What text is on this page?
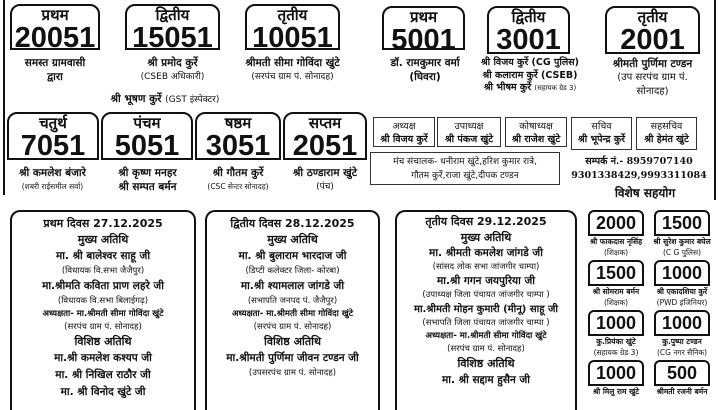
प्रथम
20051
समस्त ग्रामवासी
द्वारा
द्वितीय
15051
श्री प्रमोद कुर्रे
(CSEB अधिकारी)
श्री भूषण कुर्रे (GST इंस्पेक्टर)
तृतीय
10051
श्रीमती सीमा गोविंदा खुंटे
(सरपंच ग्राम पं. सोनादह)
प्रथम
5001
डॉ. रामकुमार वर्मा
(घिवरा)
द्वितीय
3001
श्री विजय कुर्रे (CG पुलिस)
श्री कलाराम कुर्रे (CSEB)
श्री भीषम कुर्रे (सहायक ग्रेड 3)
तृतीय
2001
श्रीमती पुर्णिमा टण्डन
(उप सरपंच ग्राम पं. सोनादह)
चतुर्थ
7051
श्री कमलेश बंजारे
(शबरी राईसमील सर्वा)
पंचम
5051
श्री कृष्ण मनहर
श्री सम्पत बर्मन
षष्ठम
3051
श्री गौतम कुर्रे
(CSC सेन्टर सोनादह)
सप्तम
2051
श्री ठण्डाराम खुंटे
(पंच)
अध्यक्ष
श्री विजय कुर्रे
उपाध्यक्ष
श्री पंकज खुंटे
कोषाध्यक्ष
श्री राजेश खुंटे
सचिव
श्री भूपेन्द्र कुर्रे
सहसचिव
श्री हेमंत खुंटे
मंच संचालक- धनीराम खुंटे,हरिश कुमार रात्रे,
गौतम कुर्रे,राजा खुंटे,दीपक टण्डन
सम्पर्क नं.- 8959707140
9301338429,9993311084
विशेष सहयोग
प्रथम दिवस 27.12.2025
मुख्य अतिथि
मा. श्री बालेश्वर साहू जी
(विधायक वि.सभा जैजैपुर)
मा.श्रीमति कविता प्राण लहरे जी
(विधायक वि.सभा बिलाईगढ़)
अध्यक्षता- मा.श्रीमती सीमा गोविंदा खुंटे
(सरपंच ग्राम पं. सोनादह)
विशिष्ठ अतिथि
मा.श्री कमलेश कश्यप जी
मा. श्री निखिल राठौर जी
मा. श्री विनोद खुंटे जी
द्वितीय दिवस 28.12.2025
मुख्य अतिथि
मा. श्री बुलाराम भारदाज जी
(डिप्टी कलेक्टर जिला- कोरबा)
मा.श्री श्यामलाल जांगडे जी
(सभापति जनपद पं. जैजैपुर)
अध्यक्षता- मा.श्रीमती सीमा गोविंदा खुंटे
(सरपंच ग्राम पं. सोनादह)
विशिष्ठ अतिथि
मा.श्रीमती पुर्णिमा जीवन टण्डन जी
(उपसरपंच ग्राम पं. सोनादह)
तृतीय दिवस 29.12.2025
मुख्य अतिथि
मा. श्रीमती कमलेश जांगडे जी
(सांसद लोक सभा जांजगीर चाम्पा)
मा.श्री गगन जयपुरिया जी
(उपाध्यक्ष जिला पंचायत जांजगीर चाम्पा )
मा.श्रीमती मोहन कुमारी (मीनू) साहू जी
(सभापति जिला पंचायत जांजगीर चाम्पा )
अध्यक्षता- मा.श्रीमती सीमा गोविंदा खुंटे
(सरपंच ग्राम पं. सोनादह)
विशिष्ठ अतिथि
मा. श्री सद्दाम हुसैन जी
2000
श्री फाकदास नृसिंह
(शिक्षक)
1500
श्री सुरेश कुमार बघेल
(C G पुलिस)
1500
श्री सोमराम बर्मन
(शिक्षक)
1000
श्री एकादशिया कुर्रे
(PWD इंजिनियर)
1000
कु.प्रियंका खुंटे
(सहायक ग्रेड 3)
1000
कु.पुष्पा टण्डन
(CG नगर सैनिक)
1000
श्री मिलु राम खुंटे
500
श्रीमती रजनी बर्मन
